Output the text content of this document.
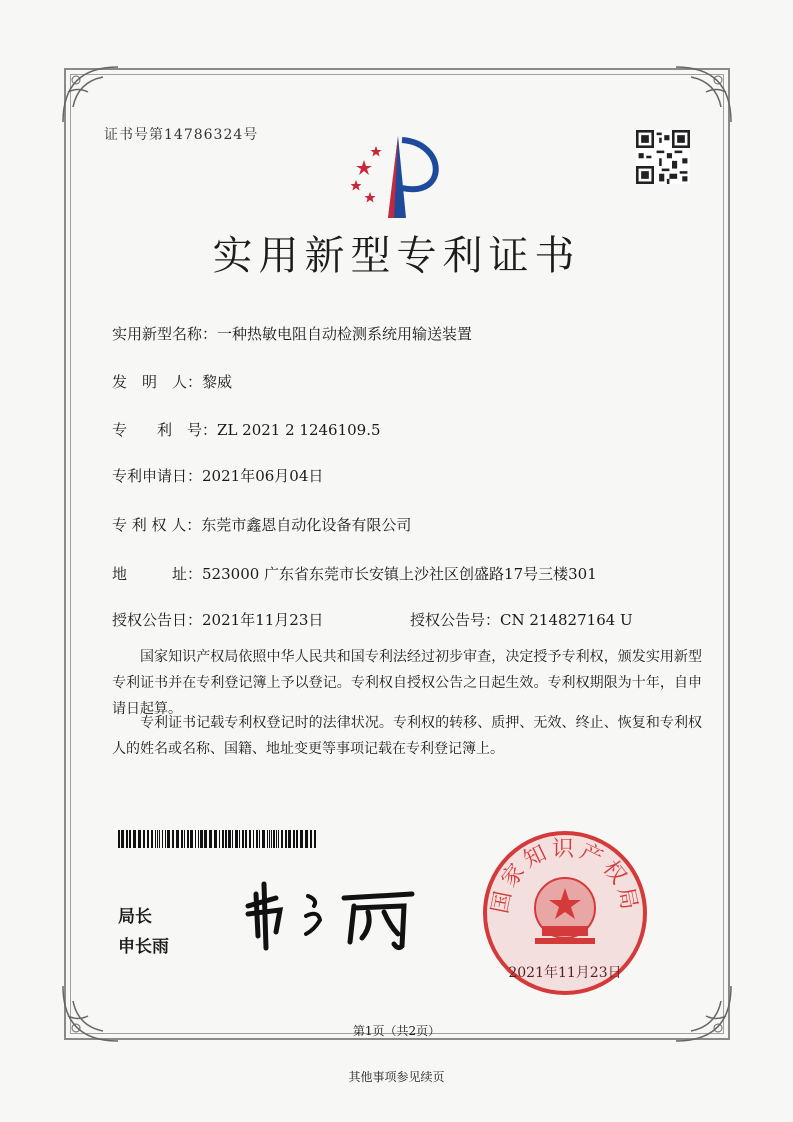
证书号第14786324号
实用新型专利证书
实用新型名称：一种热敏电阻自动检测系统用输送装置
发　明　人：黎威
专　　利　号：ZL 2021 2 1246109.5
专利申请日：2021年06月04日
专 利 权 人：东莞市鑫恩自动化设备有限公司
地　　　址：523000 广东省东莞市长安镇上沙社区创盛路17号三楼301
授权公告日：2021年11月23日	授权公告号：CN 214827164 U
国家知识产权局依照中华人民共和国专利法经过初步审查，决定授予专利权，颁发实用新型专利证书并在专利登记簿上予以登记。专利权自授权公告之日起生效。专利权期限为十年，自申请日起算。
专利证书记载专利权登记时的法律状况。专利权的转移、质押、无效、终止、恢复和专利权人的姓名或名称、国籍、地址变更等事项记载在专利登记簿上。
局长
申长雨
国家知识产权局
2021年11月23日
第1页（共2页）
其他事项参见续页
